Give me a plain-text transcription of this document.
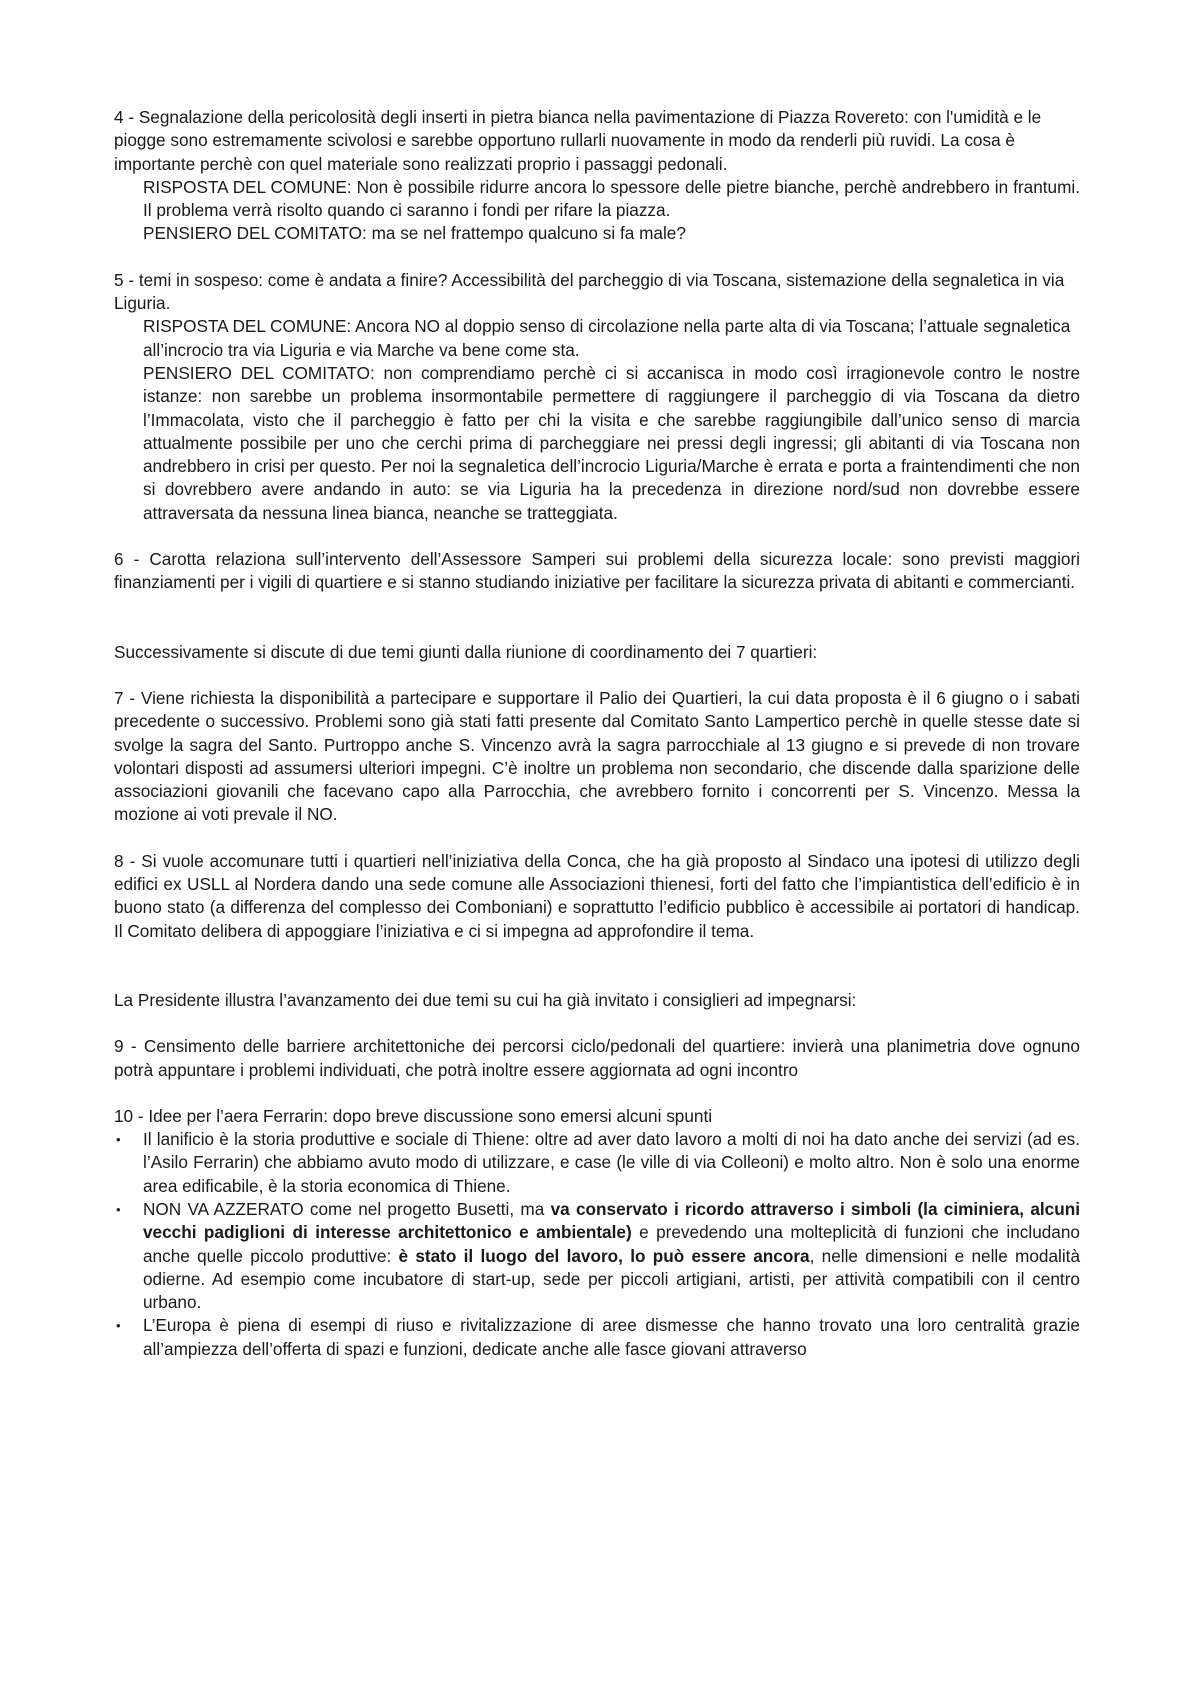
4 - Segnalazione della pericolosità degli inserti in pietra bianca nella pavimentazione di Piazza Rovereto: con l'umidità e le piogge sono estremamente scivolosi e sarebbe opportuno rullarli nuovamente in modo da renderli più ruvidi. La cosa è importante perchè con quel materiale sono realizzati proprio i passaggi pedonali.

RISPOSTA DEL COMUNE: Non è possibile ridurre ancora lo spessore delle pietre bianche, perchè andrebbero in frantumi. Il problema verrà risolto quando ci saranno i fondi per rifare la piazza.

PENSIERO DEL COMITATO: ma se nel frattempo qualcuno si fa male?

5 - temi in sospeso: come è andata a finire? Accessibilità del parcheggio di via Toscana, sistemazione della segnaletica in via Liguria.

RISPOSTA DEL COMUNE: Ancora NO al doppio senso di circolazione nella parte alta di via Toscana; l’attuale segnaletica all’incrocio tra via Liguria e via Marche va bene come sta.

PENSIERO DEL COMITATO: non comprendiamo perchè ci si accanisca in modo così irragionevole contro le nostre istanze: non sarebbe un problema insormontabile permettere di raggiungere il parcheggio di via Toscana da dietro l’Immacolata, visto che il parcheggio è fatto per chi la visita e che sarebbe raggiungibile dall’unico senso di marcia attualmente possibile per uno che cerchi prima di parcheggiare nei pressi degli ingressi; gli abitanti di via Toscana non andrebbero in crisi per questo. Per noi la segnaletica dell’incrocio Liguria/Marche è errata e porta a fraintendimenti che non si dovrebbero avere andando in auto: se via Liguria ha la precedenza in direzione nord/sud non dovrebbe essere attraversata da nessuna linea bianca, neanche se tratteggiata.

6 - Carotta relaziona sull’intervento dell’Assessore Samperi sui problemi della sicurezza locale: sono previsti maggiori finanziamenti per i vigili di quartiere e si stanno studiando iniziative per facilitare la sicurezza privata di abitanti e commercianti.

Successivamente si discute di due temi giunti dalla riunione di coordinamento dei 7 quartieri:

7 - Viene richiesta la disponibilità a partecipare e supportare il Palio dei Quartieri, la cui data proposta è il 6 giugno o i sabati precedente o successivo. Problemi sono già stati fatti presente dal Comitato Santo Lampertico perchè in quelle stesse date si svolge la sagra del Santo. Purtroppo anche S. Vincenzo avrà la sagra parrocchiale al 13 giugno e si prevede di non trovare volontari disposti ad assumersi ulteriori impegni. C’è inoltre un problema non secondario, che discende dalla sparizione delle associazioni giovanili che facevano capo alla Parrocchia, che avrebbero fornito i concorrenti per S. Vincenzo. Messa la mozione ai voti prevale il NO.

8 - Si vuole accomunare tutti i quartieri nell’iniziativa della Conca, che ha già proposto al Sindaco una ipotesi di utilizzo degli edifici ex USLL al Nordera dando una sede comune alle Associazioni thienesi, forti del fatto che l’impiantistica dell’edificio è in buono stato (a differenza del complesso dei Comboniani) e soprattutto l’edificio pubblico è accessibile ai portatori di handicap. Il Comitato delibera di appoggiare l’iniziativa e ci si impegna ad approfondire il tema.

La Presidente illustra l’avanzamento dei due temi su cui ha già invitato i consiglieri ad impegnarsi:

9 - Censimento delle barriere architettoniche dei percorsi ciclo/pedonali del quartiere: invierà una planimetria dove ognuno potrà appuntare i problemi individuati, che potrà inoltre essere aggiornata ad ogni incontro

10 - Idee per l’aera Ferrarin: dopo breve discussione sono emersi alcuni spunti

• Il lanificio è la storia produttive e sociale di Thiene: oltre ad aver dato lavoro a molti di noi ha dato anche dei servizi (ad es. l’Asilo Ferrarin) che abbiamo avuto modo di utilizzare, e case (le ville di via Colleoni) e molto altro. Non è solo una enorme area edificabile, è la storia economica di Thiene.
• NON VA AZZERATO come nel progetto Busetti, ma va conservato i ricordo attraverso i simboli (la ciminiera, alcuni vecchi padiglioni di interesse architettonico e ambientale) e prevedendo una molteplicità di funzioni che includano anche quelle piccolo produttive: è stato il luogo del lavoro, lo può essere ancora, nelle dimensioni e nelle modalità odierne. Ad esempio come incubatore di start-up, sede per piccoli artigiani, artisti, per attività compatibili con il centro urbano.
• L’Europa è piena di esempi di riuso e rivitalizzazione di aree dismesse che hanno trovato una loro centralità grazie all’ampiezza dell’offerta di spazi e funzioni, dedicate anche alle fasce giovani attraverso
